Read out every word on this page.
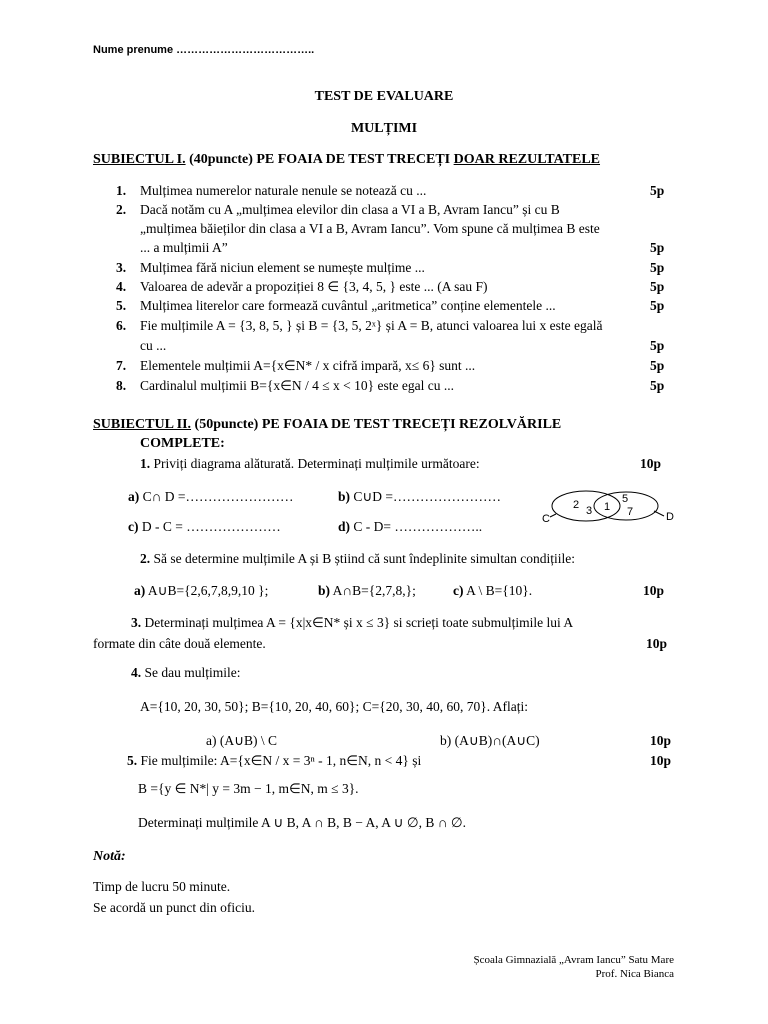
Nume prenume ………………………………..
TEST DE EVALUARE
MULȚIMI
SUBIECTUL I. (40puncte) PE FOAIA DE TEST TRECEȚI DOAR REZULTATELE
1. Mulțimea numerelor naturale nenule se notează cu ...	5p
2. Dacă notăm cu A „mulțimea elevilor din clasa a VI a B, Avram Iancu” și cu B
„mulțimea băieților din clasa a VI a B, Avram Iancu”. Vom spune că mulțimea B este
... a mulțimii A”	5p
3. Mulțimea fără niciun element se numește mulțime ...	5p
4. Valoarea de adevăr a propoziției 8 ∈ {3, 4, 5, } este ... (A sau F)	5p
5. Mulțimea literelor care formează cuvântul „aritmetica” conține elementele ...	5p
6. Fie mulțimile A = {3, 8, 5, } și B = {3, 5, 2ˣ} și A = B, atunci valoarea lui x este egală
cu ...	5p
7. Elementele mulțimii A={x∈N* / x cifră impară, x≤ 6} sunt ...	5p
8. Cardinalul mulțimii B={x∈N / 4 ≤ x < 10} este egal cu ...	5p
SUBIECTUL II. (50puncte) PE FOAIA DE TEST TRECEȚI REZOLVĂRILE
COMPLETE:
1. Priviți diagrama alăturată. Determinați mulțimile următoare:	10p
a) C∩ D =……………………	b) C∪D =……………………
c) D - C = …………………	d) C - D= ………………..	C
2 3 1
5
7	D
2. Să se determine mulțimile A și B știind că sunt îndeplinite simultan condițiile:
a) A∪B={2,6,7,8,9,10 };	b) A∩B={2,7,8,};	c) A \ B={10}.	10p
3. Determinați mulțimea A = {x|x∈N* și x ≤ 3} si scrieți toate submulțimile lui A
formate din câte două elemente.	10p
4. Se dau mulțimile:
A={10, 20, 30, 50}; B={10, 20, 40, 60}; C={20, 30, 40, 60, 70}. Aflați:
a) (A∪B) \ C	b) (A∪B)∩(A∪C)	10p
5. Fie mulțimile: A={x∈N / x = 3ⁿ - 1, n∈N, n < 4} și	10p
B ={y ∈ N*| y = 3m − 1, m∈N, m ≤ 3}.
Determinați mulțimile A ∪ B, A ∩ B, B − A, A ∪ ∅, B ∩ ∅.
Notă:
Timp de lucru 50 minute.
Se acordă un punct din oficiu.
Școala Gimnazială „Avram Iancu” Satu Mare
Prof. Nica Bianca
